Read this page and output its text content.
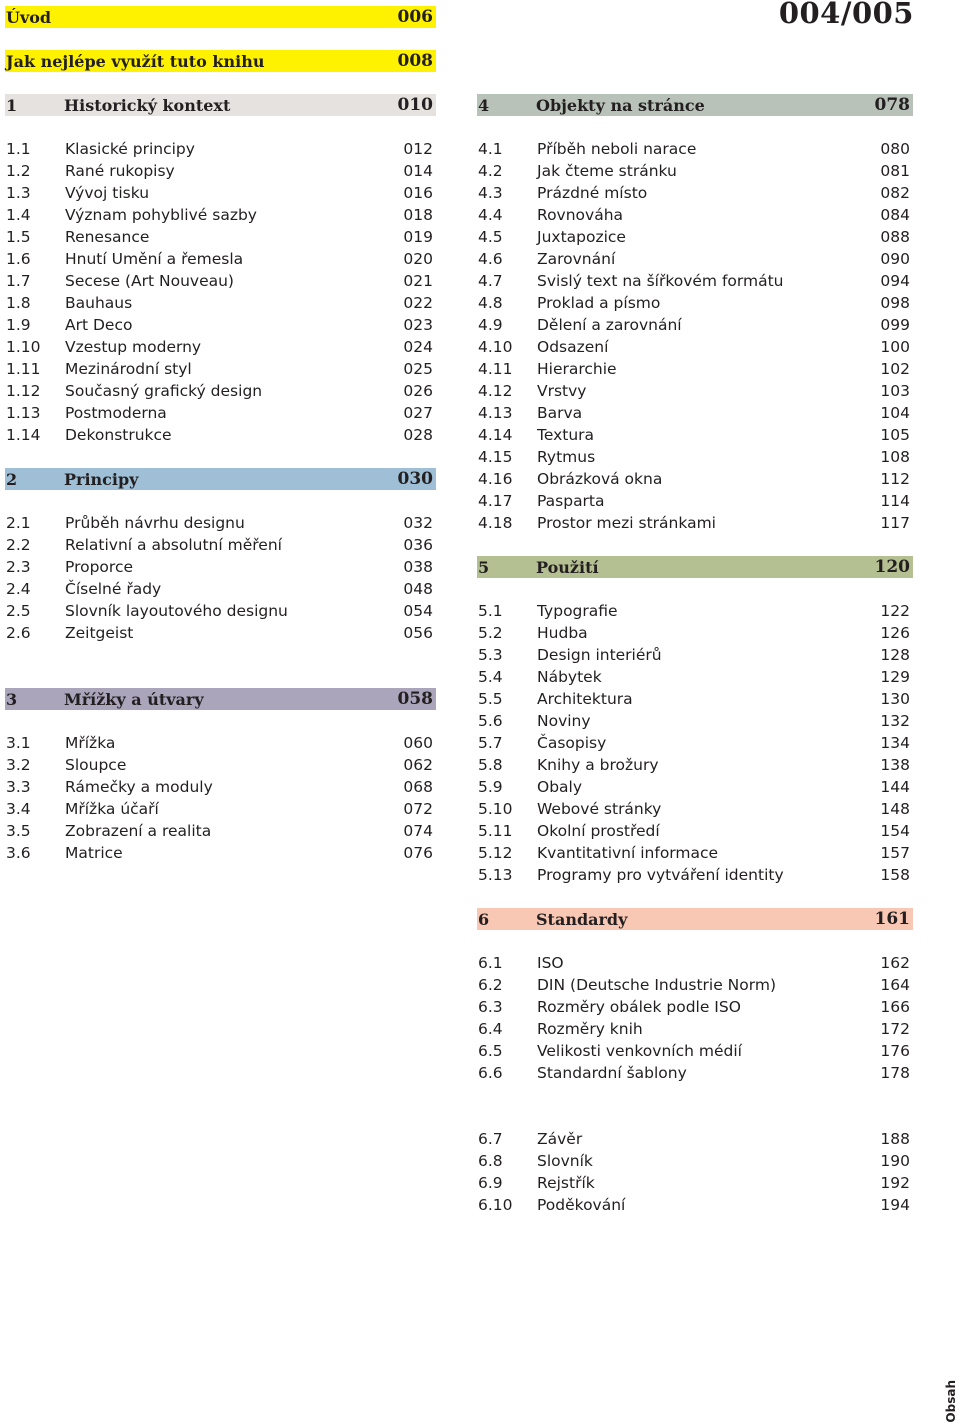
004/005
Úvod	006
Jak nejlépe využít tuto knihu	008
1	Historický kontext	010
1.1	Klasické principy	012
1.2	Rané rukopisy	014
1.3	Vývoj tisku	016
1.4	Význam pohyblivé sazby	018
1.5	Renesance	019
1.6	Hnutí Umění a řemesla	020
1.7	Secese (Art Nouveau)	021
1.8	Bauhaus	022
1.9	Art Deco	023
1.10	Vzestup moderny	024
1.11	Mezinárodní styl	025
1.12	Současný grafický design	026
1.13	Postmoderna	027
1.14	Dekonstrukce	028
2	Principy	030
2.1	Průběh návrhu designu	032
2.2	Relativní a absolutní měření	036
2.3	Proporce	038
2.4	Číselné řady	048
2.5	Slovník layoutového designu	054
2.6	Zeitgeist	056
3	Mřížky a útvary	058
3.1	Mřížka	060
3.2	Sloupce	062
3.3	Rámečky a moduly	068
3.4	Mřížka účaří	072
3.5	Zobrazení a realita	074
3.6	Matrice	076
4	Objekty na stránce	078
4.1	Příběh neboli narace	080
4.2	Jak čteme stránku	081
4.3	Prázdné místo	082
4.4	Rovnováha	084
4.5	Juxtapozice	088
4.6	Zarovnání	090
4.7	Svislý text na šířkovém formátu	094
4.8	Proklad a písmo	098
4.9	Dělení a zarovnání	099
4.10	Odsazení	100
4.11	Hierarchie	102
4.12	Vrstvy	103
4.13	Barva	104
4.14	Textura	105
4.15	Rytmus	108
4.16	Obrázková okna	112
4.17	Pasparta	114
4.18	Prostor mezi stránkami	117
5	Použití	120
5.1	Typografie	122
5.2	Hudba	126
5.3	Design interiérů	128
5.4	Nábytek	129
5.5	Architektura	130
5.6	Noviny	132
5.7	Časopisy	134
5.8	Knihy a brožury	138
5.9	Obaly	144
5.10	Webové stránky	148
5.11	Okolní prostředí	154
5.12	Kvantitativní informace	157
5.13	Programy pro vytváření identity	158
6	Standardy	161
6.1	ISO	162
6.2	DIN (Deutsche Industrie Norm)	164
6.3	Rozměry obálek podle ISO	166
6.4	Rozměry knih	172
6.5	Velikosti venkovních médií	176
6.6	Standardní šablony	178
6.7	Závěr	188
6.8	Slovník	190
6.9	Rejstřík	192
6.10	Poděkování	194
Obsah
